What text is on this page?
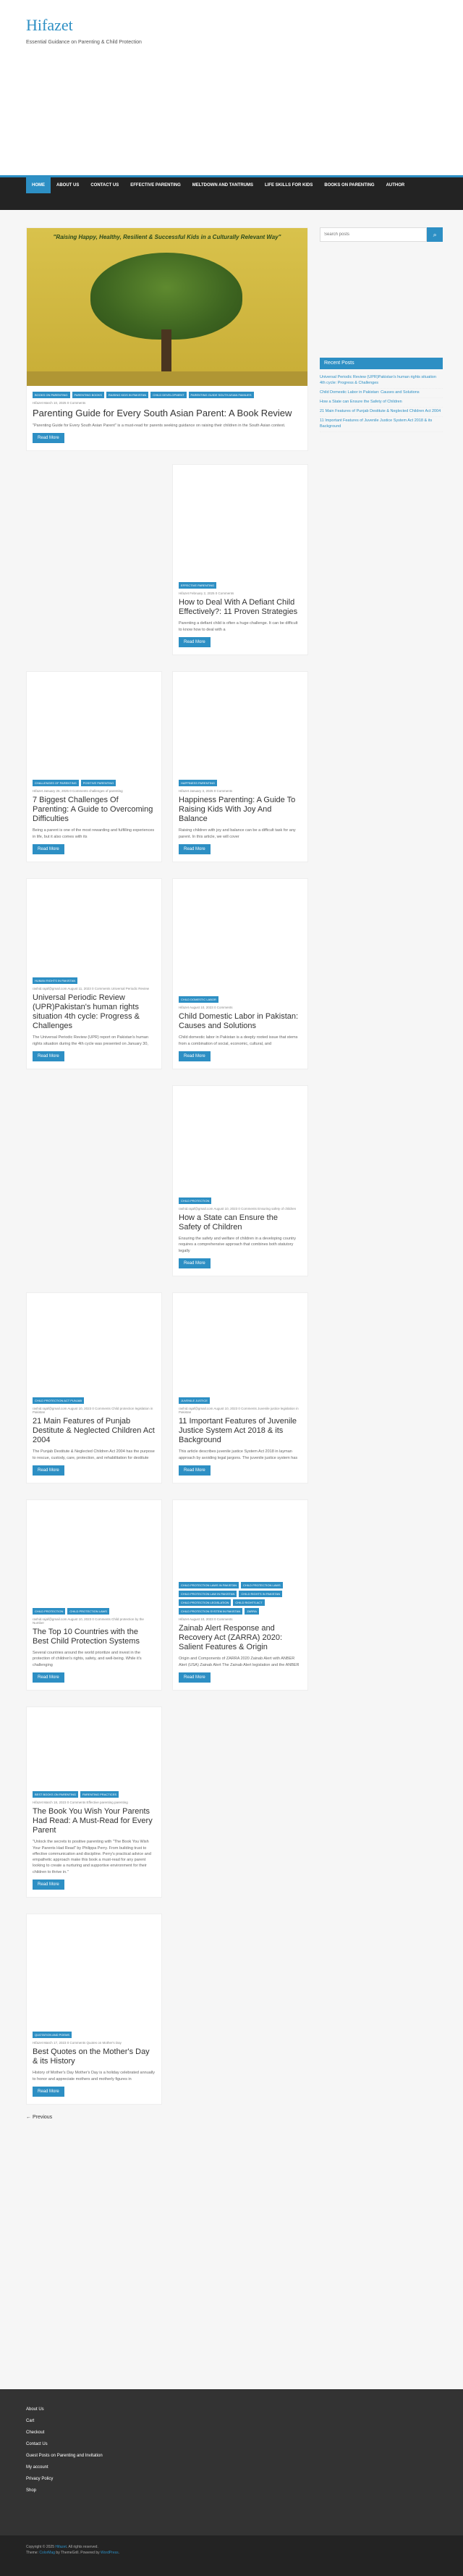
Hifazet
Essential Guidance on Parenting & Child Protection
HOME	ABOUT US	CONTACT US	EFFECTIVE PARENTING	MELTDOWN AND TANTRUMS	LIFE SKILLS FOR KIDS	BOOKS ON PARENTING	AUTHOR
"Raising Happy, Healthy, Resilient & Successful Kids in a Culturally Relevant Way"
BOOKS ON PARENTING	PARENTING BOOKS	RAISING KIDS IN PAKISTAN	CHILD DEVELOPMENT	PARENTING GUIDE SOUTH ASIAN FAMILIES
Hifazet March 10, 2025 0 Comments
Parenting Guide for Every South Asian Parent: A Book Review
"Parenting Guide for Every South Asian Parent" is a must-read for parents seeking guidance on raising their children in the South Asian context.
Read More
EFFECTIVE PARENTING
Hifazet February 2, 2025 0 Comments
How to Deal With A Defiant Child Effectively?: 11 Proven Strategies
Parenting a defiant child is often a huge challenge. It can be difficult to know how to deal with a
Read More
CHALLENGES OF PARENTING	POSITIVE PARENTING
Hifazet January 26, 2025 0 Comments challenges of parenting
7 Biggest Challenges Of Parenting: A Guide to Overcoming Difficulties
Being a parent is one of the most rewarding and fulfilling experiences in life, but it also comes with its
Read More
HAPPINESS PARENTING
Hifazet January 3, 2025 0 Comments
Happiness Parenting: A Guide To Raising Kids With Joy And Balance
Raising children with joy and balance can be a difficult task for any parent. In this article, we will cover
Read More
HUMAN RIGHTS IN PAKISTAN
rashid.rajaf@gmail.com August 11, 2023 0 Comments Universal Periodic Review
Universal Periodic Review (UPR)Pakistan's human rights situation 4th cycle: Progress & Challenges
The Universal Periodic Review (UPR) report on Pakistan's human rights situation during the 4th cycle was presented on January 30,
Read More
CHILD DOMESTIC LABOR
Hifazet August 10, 2023 0 Comments
Child Domestic Labor in Pakistan: Causes and Solutions
Child domestic labor in Pakistan is a deeply rooted issue that stems from a combination of social, economic, cultural, and
Read More
CHILD PROTECTION
rashid.rajaf@gmail.com August 10, 2023 0 Comments Ensuring safety of children
How a State can Ensure the Safety of Children
Ensuring the safety and welfare of children in a developing country requires a comprehensive approach that combines both statutory legally
Read More
CHILD PROTECTION ACT PUNJAB
rashid.rajaf@gmail.com August 10, 2023 0 Comments Child protection legislation in Pakistan
21 Main Features of Punjab Destitute & Neglected Children Act 2004
The Punjab Destitute & Neglected Children Act 2004 has the purpose to rescue, custody, care, protection, and rehabilitation for destitute
Read More
JUVENILE JUSTICE
rashid.rajaf@gmail.com August 10, 2023 0 Comments Juvenile justice legislation in Pakistan
11 Important Features of Juvenile Justice System Act 2018 & its Background
This article describes juvenile justice System Act 2018 in layman approach by avoiding legal jargons. The juvenile justice system has
Read More
CHILD PROTECTION	CHILD PROTECTION LAWS
rashid.rajaf@gmail.com August 10, 2023 0 Comments Child protection by the Number
The Top 10 Countries with the Best Child Protection Systems
Several countries around the world prioritize and invest in the protection of children's rights, safety, and well-being. While it's challenging
Read More
CHILD PROTECTION LAWS IN PAKISTAN	CHILD PROTECTION LAWS
CHILD PROTECTION LAW IN PAKISTAN	CHILD RIGHTS IN PAKISTAN
CHILD PROTECTION LEGISLATION	CHILD RIGHTS ACT
CHILD PROTECTION SYSTEM IN PAKISTAN	ZARRA
Hifazet August 10, 2023 0 Comments
Zainab Alert Response and Recovery Act (ZARRA) 2020: Salient Features & Origin
Origin and Components of ZARRA 2020 Zainab Alert with ANBER Alert (USA) Zainab Alert The Zainab Alert legislation and the ANBER
Read More
BEST BOOKS ON PARENTING	PARENTING PRACTICES
Hifazet March 18, 2023 0 Comments Effective parenting parenting
The Book You Wish Your Parents Had Read: A Must-Read for Every Parent
"Unlock the secrets to positive parenting with "The Book You Wish Your Parents Had Read" by Philippa Perry. From building trust to effective communication and discipline. Perry's practical advice and empathetic approach make this book a must-read for any parent looking to create a nurturing and supportive environment for their children to thrive in."
Read More
QUOTATION AND POEMS
Hifazet March 17, 2023 0 Comments Quotes on Mother's Day
Best Quotes on the Mother's Day & its History
History of Mother's Day Mother's Day is a holiday celebrated annually to honor and appreciate mothers and motherly figures in
Read More
Search posts
⌕
Recent Posts
Universal Periodic Review (UPR)Pakistan's human rights situation 4th cycle: Progress & Challenges
Child Domestic Labor in Pakistan: Causes and Solutions
How a State can Ensure the Safety of Children
21 Main Features of Punjab Destitute & Neglected Children Act 2004
11 Important Features of Juvenile Justice System Act 2018 & its Background
← Previous
About Us
Cart
Checkout
Contact Us
Guest Posts on Parenting and Invitation
My account
Privacy Policy
Shop
Copyright © 2025 Hifazet. All rights reserved.
Theme: ColorMag by ThemeGrill. Powered by WordPress.
